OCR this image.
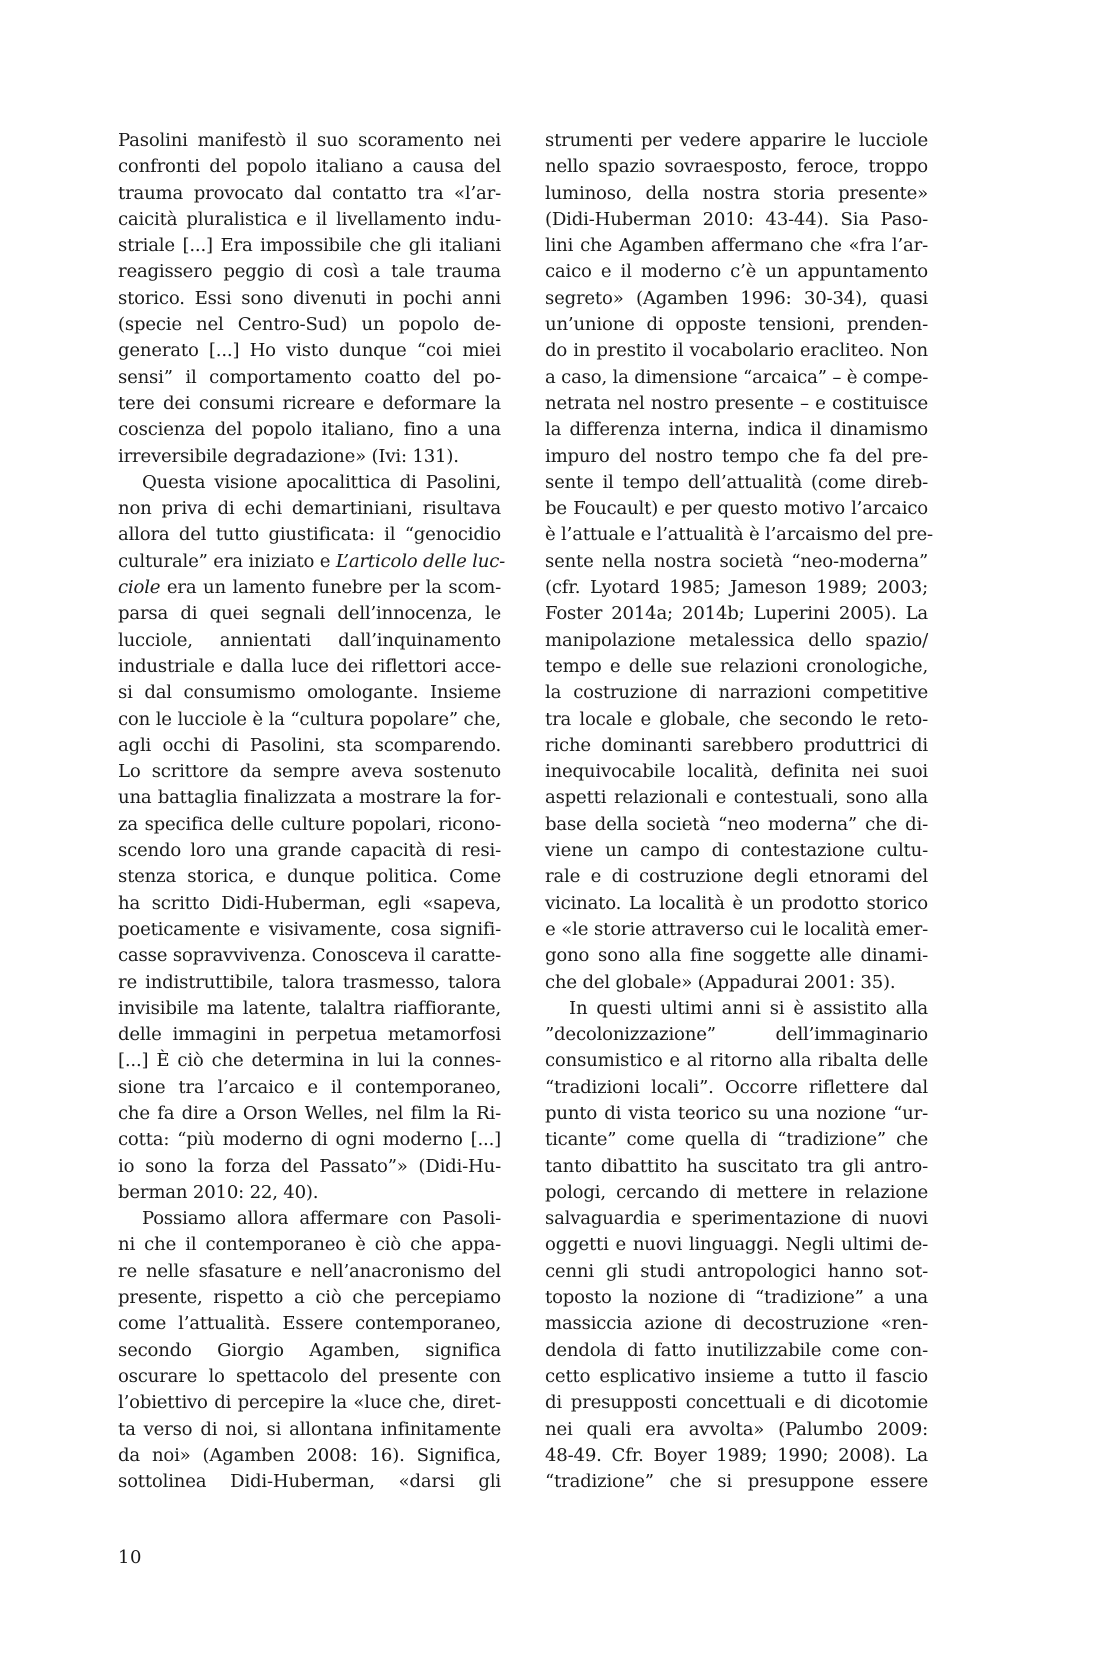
Pasolini manifestò il suo scoramento nei
confronti del popolo italiano a causa del
trauma provocato dal contatto tra «l’ar-
caicità pluralistica e il livellamento indu-
striale [...] Era impossibile che gli italiani
reagissero peggio di così a tale trauma
storico. Essi sono divenuti in pochi anni
(specie nel Centro-Sud) un popolo de-
generato [...] Ho visto dunque “coi miei
sensi” il comportamento coatto del po-
tere dei consumi ricreare e deformare la
coscienza del popolo italiano, fino a una
irreversibile degradazione» (Ivi: 131).
Questa visione apocalittica di Pasolini,
non priva di echi demartiniani, risultava
allora del tutto giustificata: il “genocidio
culturale” era iniziato e L’articolo delle luc-
ciole era un lamento funebre per la scom-
parsa di quei segnali dell’innocenza, le
lucciole, annientati dall’inquinamento
industriale e dalla luce dei riflettori acce-
si dal consumismo omologante. Insieme
con le lucciole è la “cultura popolare” che,
agli occhi di Pasolini, sta scomparendo.
Lo scrittore da sempre aveva sostenuto
una battaglia finalizzata a mostrare la for-
za specifica delle culture popolari, ricono-
scendo loro una grande capacità di resi-
stenza storica, e dunque politica. Come
ha scritto Didi-Huberman, egli «sapeva,
poeticamente e visivamente, cosa signifi-
casse sopravvivenza. Conosceva il caratte-
re indistruttibile, talora trasmesso, talora
invisibile ma latente, talaltra riaffiorante,
delle immagini in perpetua metamorfosi
[...] È ciò che determina in lui la connes-
sione tra l’arcaico e il contemporaneo,
che fa dire a Orson Welles, nel film la Ri-
cotta: “più moderno di ogni moderno [...]
io sono la forza del Passato”» (Didi-Hu-
berman 2010: 22, 40).
Possiamo allora affermare con Pasoli-
ni che il contemporaneo è ciò che appa-
re nelle sfasature e nell’anacronismo del
presente, rispetto a ciò che percepiamo
come l’attualità. Essere contemporaneo,
secondo Giorgio Agamben, significa
oscurare lo spettacolo del presente con
l’obiettivo di percepire la «luce che, diret-
ta verso di noi, si allontana infinitamente
da noi» (Agamben 2008: 16). Significa,
sottolinea Didi-Huberman, «darsi gli
strumenti per vedere apparire le lucciole
nello spazio sovraesposto, feroce, troppo
luminoso, della nostra storia presente»
(Didi-Huberman 2010: 43-44). Sia Paso-
lini che Agamben affermano che «fra l’ar-
caico e il moderno c’è un appuntamento
segreto» (Agamben 1996: 30-34), quasi
un’unione di opposte tensioni, prenden-
do in prestito il vocabolario eracliteo. Non
a caso, la dimensione “arcaica” – è compe-
netrata nel nostro presente – e costituisce
la differenza interna, indica il dinamismo
impuro del nostro tempo che fa del pre-
sente il tempo dell’attualità (come direb-
be Foucault) e per questo motivo l’arcaico
è l’attuale e l’attualità è l’arcaismo del pre-
sente nella nostra società “neo-moderna”
(cfr. Lyotard 1985; Jameson 1989; 2003;
Foster 2014a; 2014b; Luperini 2005). La
manipolazione metalessica dello spazio/
tempo e delle sue relazioni cronologiche,
la costruzione di narrazioni competitive
tra locale e globale, che secondo le reto-
riche dominanti sarebbero produttrici di
inequivocabile località, definita nei suoi
aspetti relazionali e contestuali, sono alla
base della società “neo moderna” che di-
viene un campo di contestazione cultu-
rale e di costruzione degli etnorami del
vicinato. La località è un prodotto storico
e «le storie attraverso cui le località emer-
gono sono alla fine soggette alle dinami-
che del globale» (Appadurai 2001: 35).
In questi ultimi anni si è assistito alla
”decolonizzazione” dell’immaginario
consumistico e al ritorno alla ribalta delle
“tradizioni locali”. Occorre riflettere dal
punto di vista teorico su una nozione “ur-
ticante” come quella di “tradizione” che
tanto dibattito ha suscitato tra gli antro-
pologi, cercando di mettere in relazione
salvaguardia e sperimentazione di nuovi
oggetti e nuovi linguaggi. Negli ultimi de-
cenni gli studi antropologici hanno sot-
toposto la nozione di “tradizione” a una
massiccia azione di decostruzione «ren-
dendola di fatto inutilizzabile come con-
cetto esplicativo insieme a tutto il fascio
di presupposti concettuali e di dicotomie
nei quali era avvolta» (Palumbo 2009:
48-49. Cfr. Boyer 1989; 1990; 2008). La
“tradizione” che si presuppone essere
10
